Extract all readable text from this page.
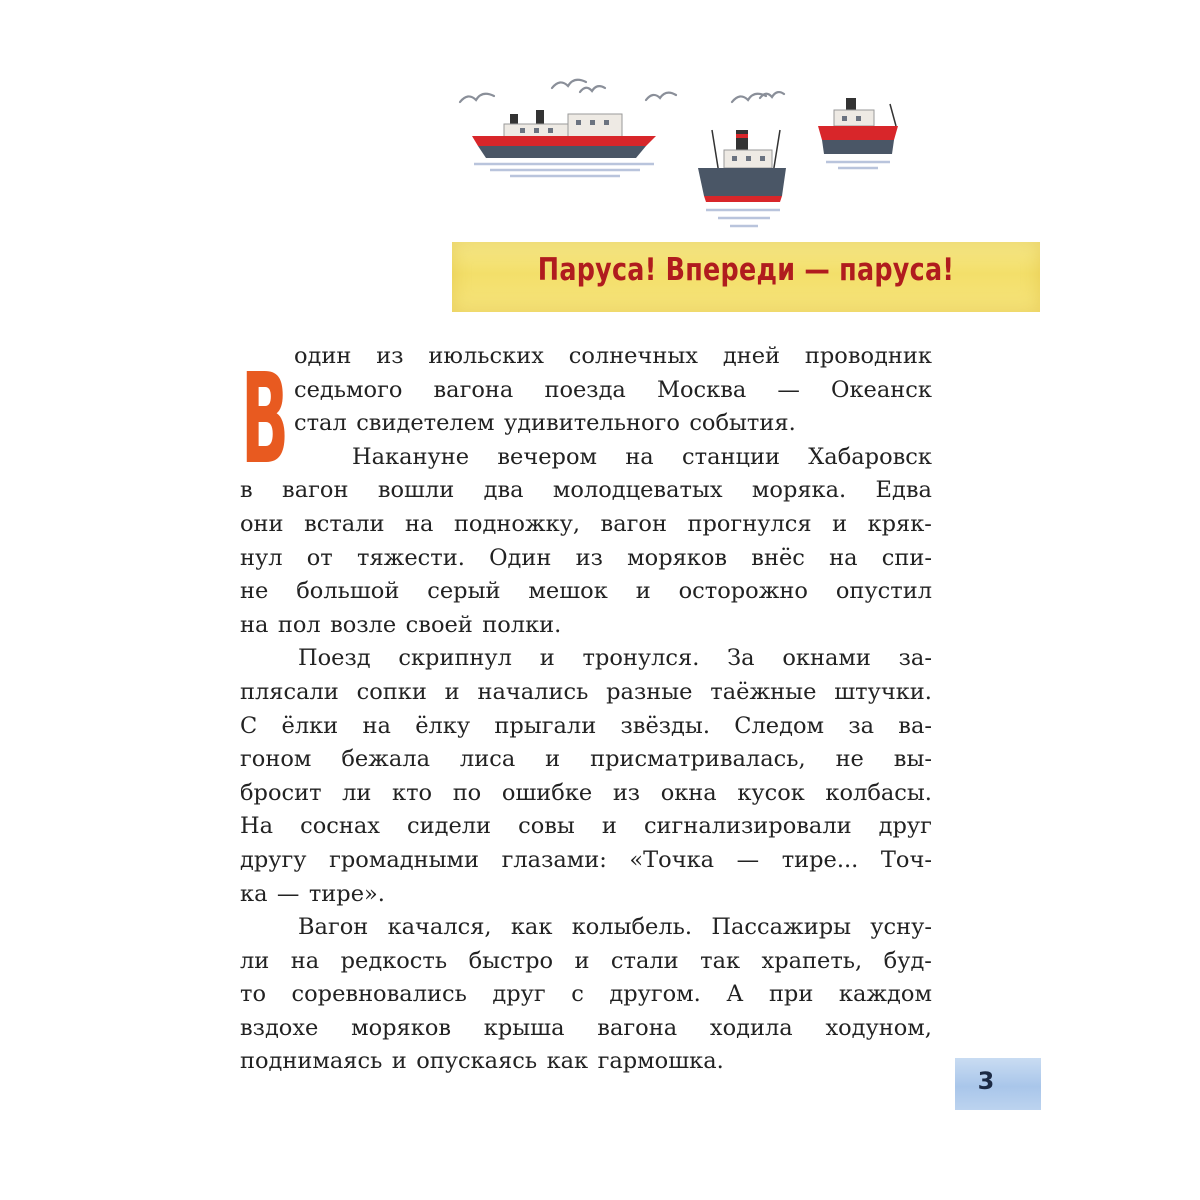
Паруса! Впереди — паруса!
В один из июльских солнечных дней проводник
седьмого вагона поезда Москва — Океанск
стал свидетелем удивительного события.
Накануне вечером на станции Хабаровск
в вагон вошли два молодцеватых моряка. Едва
они встали на подножку, вагон прогнулся и кряк-
нул от тяжести. Один из моряков внёс на спи-
не большой серый мешок и осторожно опустил
на пол возле своей полки.
Поезд скрипнул и тронулся. За окнами за-
плясали сопки и начались разные таёжные штучки.
С ёлки на ёлку прыгали звёзды. Следом за ва-
гоном бежала лиса и присматривалась, не вы-
бросит ли кто по ошибке из окна кусок колбасы.
На соснах сидели совы и сигнализировали друг
другу громадными глазами: «Точка — тире... Точ-
ка — тире».
Вагон качался, как колыбель. Пассажиры усну-
ли на редкость быстро и стали так храпеть, буд-
то соревновались друг с другом. А при каждом
вздохе моряков крыша вагона ходила ходуном,
поднимаясь и опускаясь как гармошка.
3
